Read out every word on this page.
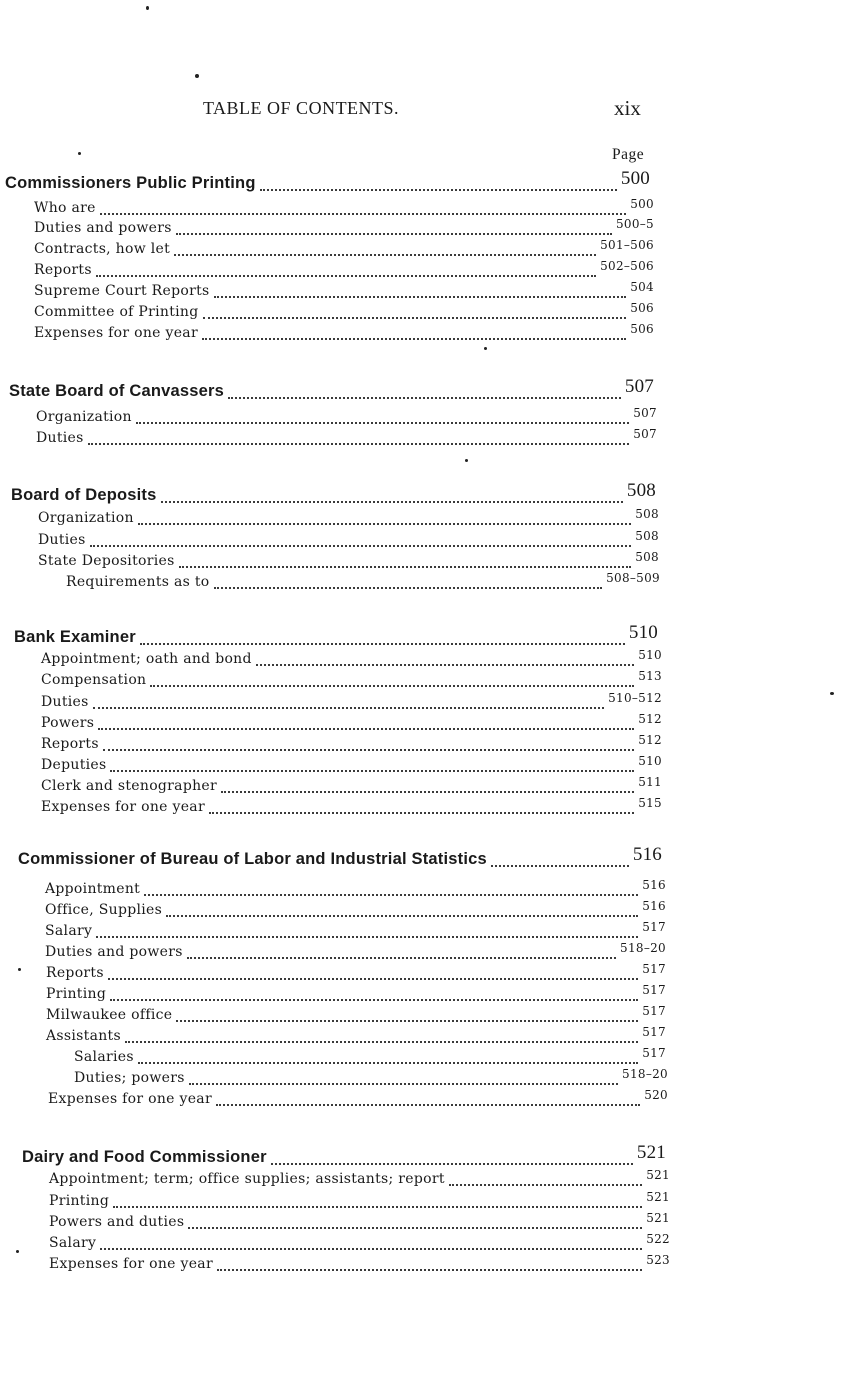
TABLE OF CONTENTS.	xix
Page
Commissioners Public Printing	500
Who are	500
Duties and powers	500–5
Contracts, how let	501–506
Reports	502–506
Supreme Court Reports	504
Committee of Printing	506
Expenses for one year	506
State Board of Canvassers	507
Organization	507
Duties	507
Board of Deposits	508
Organization	508
Duties	508
State Depositories	508
Requirements as to	508–509
Bank Examiner	510
Appointment; oath and bond	510
Compensation	513
Duties	510–512
Powers	512
Reports	512
Deputies	510
Clerk and stenographer	511
Expenses for one year	515
Commissioner of Bureau of Labor and Industrial Statistics	516
Appointment	516
Office, Supplies	516
Salary	517
Duties and powers	518–20
Reports	517
Printing	517
Milwaukee office	517
Assistants	517
Salaries	517
Duties; powers	518–20
Expenses for one year	520
Dairy and Food Commissioner	521
Appointment; term; office supplies; assistants; report	521
Printing	521
Powers and duties	521
Salary	522
Expenses for one year	523
